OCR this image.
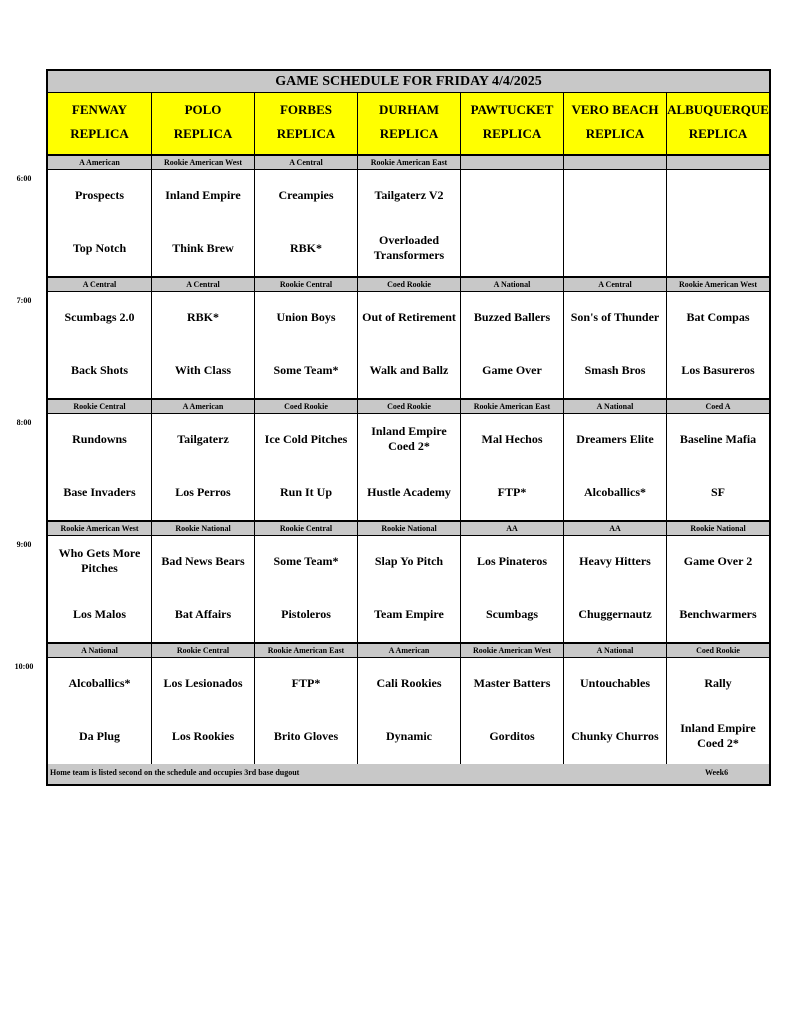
6:00
7:00
8:00
9:00
10:00
GAME SCHEDULE FOR FRIDAY 4/4/2025
FENWAY
REPLICA
POLO
REPLICA
FORBES
REPLICA
DURHAM
REPLICA
PAWTUCKET
REPLICA
VERO BEACH
REPLICA
ALBUQUERQUE
REPLICA
A American
Prospects
Top Notch
Rookie American West
Inland Empire
Think Brew
A Central
Creampies
RBK*
Rookie American East
Tailgaterz V2
Overloaded Transformers
A Central
Scumbags 2.0
Back Shots
A Central
RBK*
With Class
Rookie Central
Union Boys
Some Team*
Coed Rookie
Out of Retirement
Walk and Ballz
A National
Buzzed Ballers
Game Over
A Central
Son's of Thunder
Smash Bros
Rookie American West
Bat Compas
Los Basureros
Rookie Central
Rundowns
Base Invaders
A American
Tailgaterz
Los Perros
Coed Rookie
Ice Cold Pitches
Run It Up
Coed Rookie
Inland Empire Coed 2*
Hustle Academy
Rookie American East
Mal Hechos
FTP*
A National
Dreamers Elite
Alcoballics*
Coed A
Baseline Mafia
SF
Rookie American West
Who Gets More Pitches
Los Malos
Rookie National
Bad News Bears
Bat Affairs
Rookie Central
Some Team*
Pistoleros
Rookie National
Slap Yo Pitch
Team Empire
AA
Los Pinateros
Scumbags
AA
Heavy Hitters
Chuggernautz
Rookie National
Game Over 2
Benchwarmers
A National
Alcoballics*
Da Plug
Rookie Central
Los Lesionados
Los Rookies
Rookie American East
FTP*
Brito Gloves
A American
Cali Rookies
Dynamic
Rookie American West
Master Batters
Gorditos
A National
Untouchables
Chunky Churros
Coed Rookie
Rally
Inland Empire Coed 2*
Home team is listed second on the schedule and occupies 3rd base dugout	Week6
